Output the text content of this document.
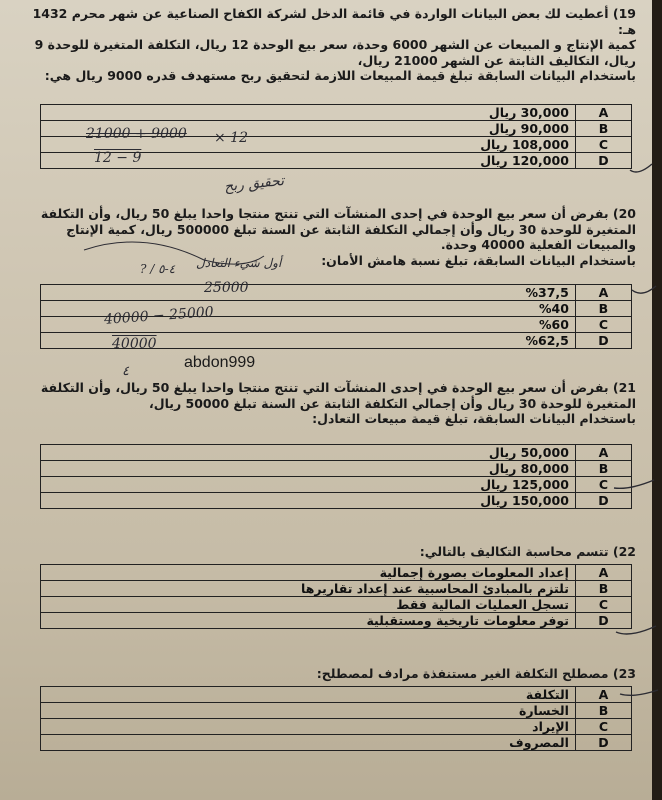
19) أعطيت لك بعض البيانات الواردة في قائمة الدخل لشركة الكفاح الصناعية عن شهر محرم 1432 هـ:

كمية الإنتاج و المبيعات عن الشهر 6000 وحدة، سعر بيع الوحدة 12 ريال، التكلفة المتغيرة للوحدة 9 ريال، التكاليف الثابتة عن الشهر 21000 ريال،

باستخدام البيانات السابقة تبلغ قيمة المبيعات اللازمة لتحقيق ربح مستهدف قدره 9000 ريال هي:

30,000 ريال	A
90,000 ريال	B
108,000 ريال	C
120,000 ريال	D

20) بفرض أن سعر بيع الوحدة في إحدى المنشآت التي تنتج منتجا واحدا يبلغ 50 ريال، وأن التكلفة المتغيرة للوحدة 30 ريال وأن إجمالي التكلفة الثابتة عن السنة تبلغ 500000 ريال، كمية الإنتاج والمبيعات الفعلية 40000 وحدة.

باستخدام البيانات السابقة، تبلغ نسبة هامش الأمان:

%37,5	A
%40	B
%60	C
%62,5	D

21) بفرض أن سعر بيع الوحدة في إحدى المنشآت التي تنتج منتجا واحدا يبلغ 50 ريال، وأن التكلفة المتغيرة للوحدة 30 ريال وأن إجمالي التكلفة الثابتة عن السنة تبلغ 50000 ريال،

باستخدام البيانات السابقة، تبلغ قيمة مبيعات التعادل:

50,000 ريال	A
80,000 ريال	B
125,000 ريال	C
150,000 ريال	D

22) تتسم محاسبة التكاليف بالتالي:

إعداد المعلومات بصورة إجمالية	A
تلتزم بالمبادئ المحاسبية عند إعداد تقاريرها	B
تسجل العمليات المالية فقط	C
توفر معلومات تاريخية ومستقبلية	D

23) مصطلح التكلفة الغير مستنفذة مرادف لمصطلح:

التكلفة	A
الخسارة	B
الإيراد	C
المصروف	D
21000 + 9000 × 12
12 − 9
تحقيق ربح
أول شيء التعادل
? / ٤-٥
25000
40000 − 25000
40000
٤
abdon999
